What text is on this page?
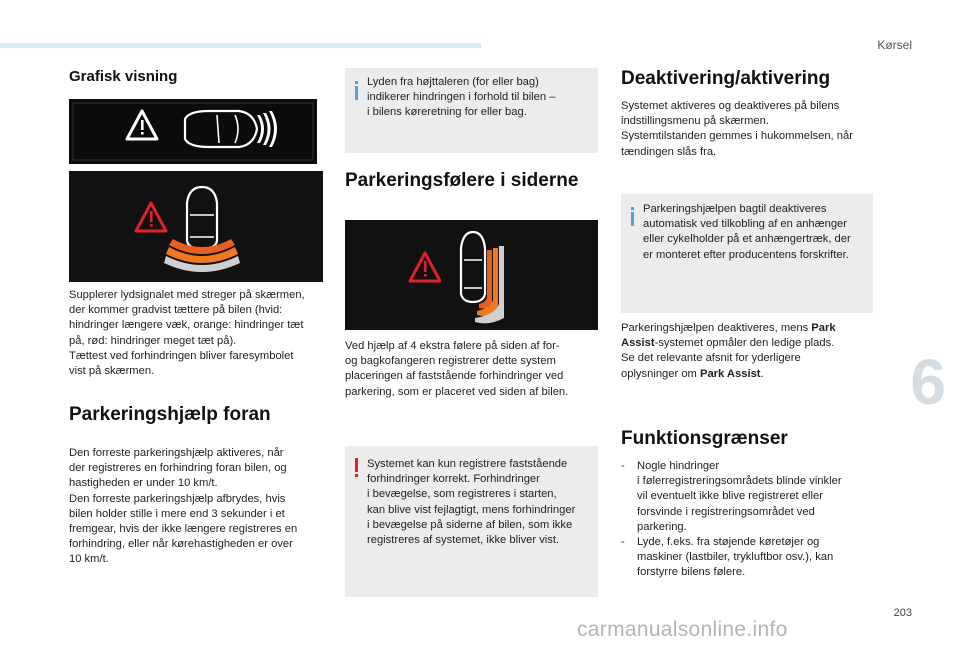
Kørsel
Grafisk visning

Supplerer lydsignalet med streger på skærmen,
der kommer gradvist tættere på bilen (hvid:
hindringer længere væk, orange: hindringer tæt
på, rød: hindringer meget tæt på).
Tættest ved forhindringen bliver faresymbolet
vist på skærmen.

Parkeringshjælp foran

Den forreste parkeringshjælp aktiveres, når
der registreres en forhindring foran bilen, og
hastigheden er under 10 km/t.
Den forreste parkeringshjælp afbrydes, hvis
bilen holder stille i mere end 3 sekunder i et
fremgear, hvis der ikke længere registreres en
forhindring, eller når kørehastigheden er over
10 km/t.

Lyden fra højttaleren (for eller bag)
indikerer hindringen i forhold til bilen –
i bilens køreretning for eller bag.

Parkeringsfølere i siderne

Ved hjælp af 4 ekstra følere på siden af for-
og bagkofangeren registrerer dette system
placeringen af faststående forhindringer ved
parkering, som er placeret ved siden af bilen.

Systemet kan kun registrere faststående
forhindringer korrekt. Forhindringer
i bevægelse, som registreres i starten,
kan blive vist fejlagtigt, mens forhindringer
i bevægelse på siderne af bilen, som ikke
registreres af systemet, ikke bliver vist.

Deaktivering/aktivering

Systemet aktiveres og deaktiveres på bilens
indstillingsmenu på skærmen.
Systemtilstanden gemmes i hukommelsen, når
tændingen slås fra.

Parkeringshjælpen bagtil deaktiveres
automatisk ved tilkobling af en anhænger
eller cykelholder på et anhængertræk, der
er monteret efter producentens forskrifter.

Parkeringshjælpen deaktiveres, mens Park
Assist-systemet opmåler den ledige plads.
Se det relevante afsnit for yderligere
oplysninger om Park Assist.

Funktionsgrænser
-	Nogle hindringer
i følerregistreringsområdets blinde vinkler
vil eventuelt ikke blive registreret eller
forsvinde i registreringsområdet ved
parkering.
-	Lyde, f.eks. fra støjende køretøjer og
maskiner (lastbiler, trykluftbor osv.), kan
forstyrre bilens følere.
6
203
carmanualsonline.info
